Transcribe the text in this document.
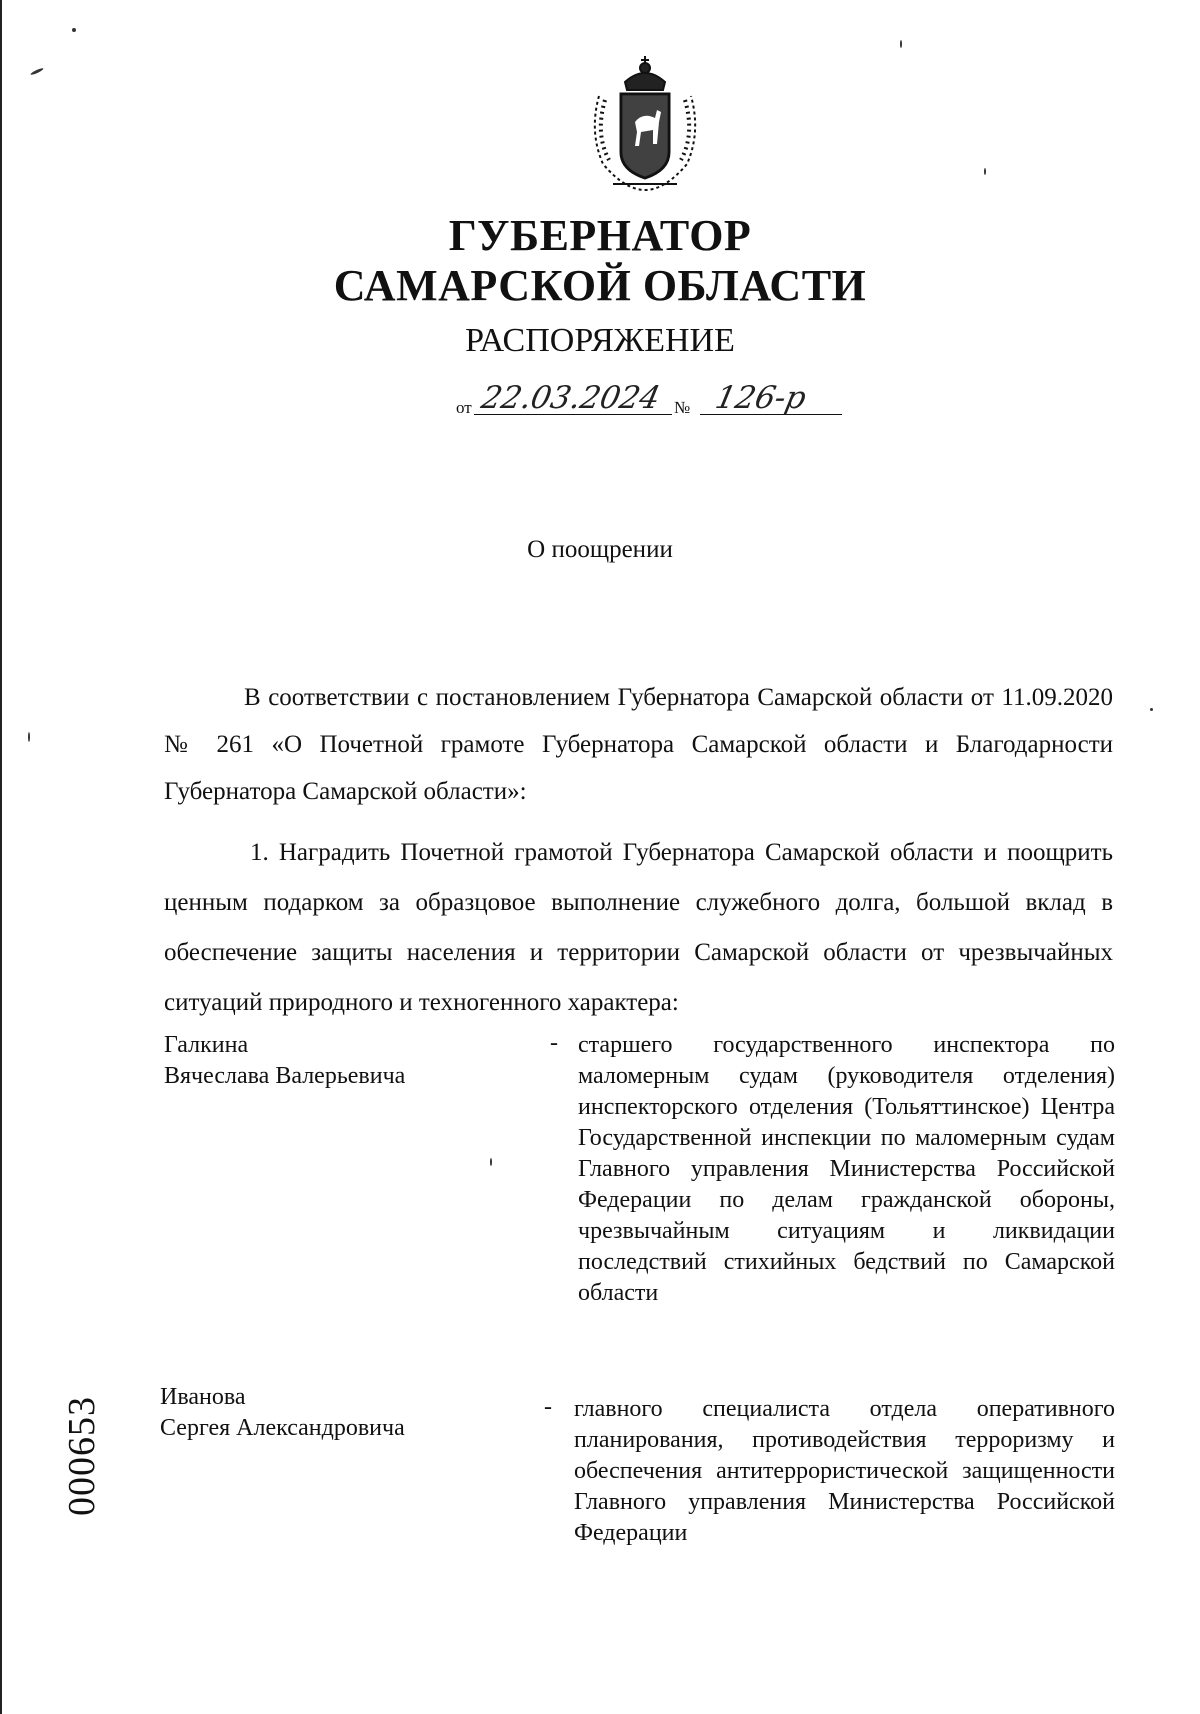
ГУБЕРНАТОР
САМАРСКОЙ ОБЛАСТИ
РАСПОРЯЖЕНИЕ
от 22.03.2024 № 126-р
О поощрении

В соответствии с постановлением Губернатора Самарской области от 11.09.2020 № 261 «О Почетной грамоте Губернатора Самарской области и Благодарности Губернатора Самарской области»:

1. Наградить Почетной грамотой Губернатора Самарской области и поощрить ценным подарком за образцовое выполнение служебного долга, большой вклад в обеспечение защиты населения и территории Самарской области от чрезвычайных ситуаций природного и техногенного характера:

Галкина
Вячеслава Валерьевича
- старшего государственного инспектора по маломерным судам (руководителя отделения) инспекторского отделения (Тольяттинское) Центра Государственной инспекции по маломерным судам Главного управления Министерства Российской Федерации по делам гражданской обороны, чрезвычайным ситуациям и ликвидации последствий стихийных бедствий по Самарской области
Иванова
Сергея Александровича
- главного специалиста отдела оперативного планирования, противодействия терроризму и обеспечения антитеррористической защищенности Главного управления Министерства Российской Федерации
000653
